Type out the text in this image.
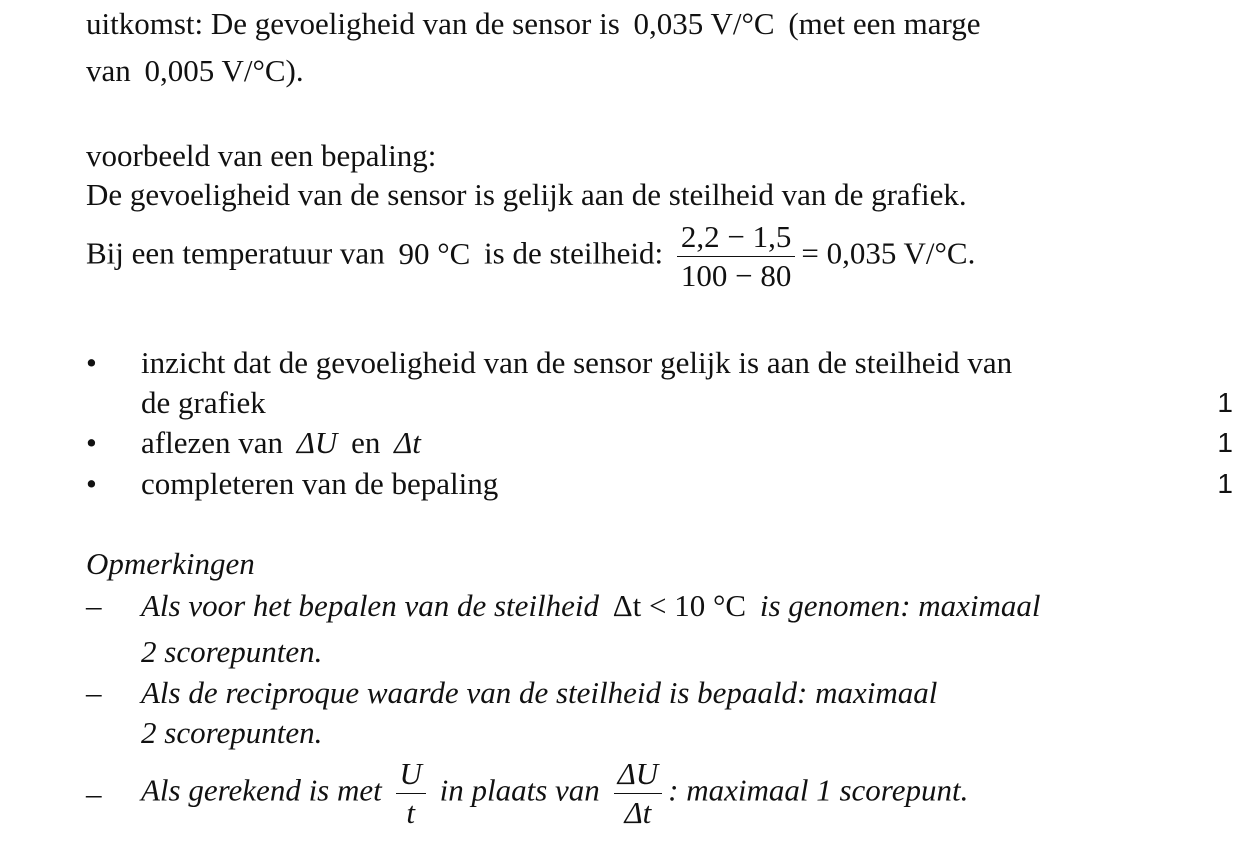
uitkomst: De gevoeligheid van de sensor is 0,035 V/°C (met een marge
van 0,005 V/°C).
voorbeeld van een bepaling:
De gevoeligheid van de sensor is gelijk aan de steilheid van de grafiek.
Bij een temperatuur van 90 °C is de steilheid: $\frac{2,2 - 1,5}{100 - 80} = 0,035$ V/°C.
• inzicht dat de gevoeligheid van de sensor gelijk is aan de steilheid van
de grafiek	1
• aflezen van ΔU en Δt	1
• completeren van de bepaling	1
Opmerkingen
– Als voor het bepalen van de steilheid Δt < 10 °C is genomen: maximaal
2 scorepunten.
– Als de reciproque waarde van de steilheid is bepaald: maximaal
2 scorepunten.
– Als gerekend is met $\frac{U}{t}$ in plaats van $\frac{\Delta U}{\Delta t}$ : maximaal 1 scorepunt.
